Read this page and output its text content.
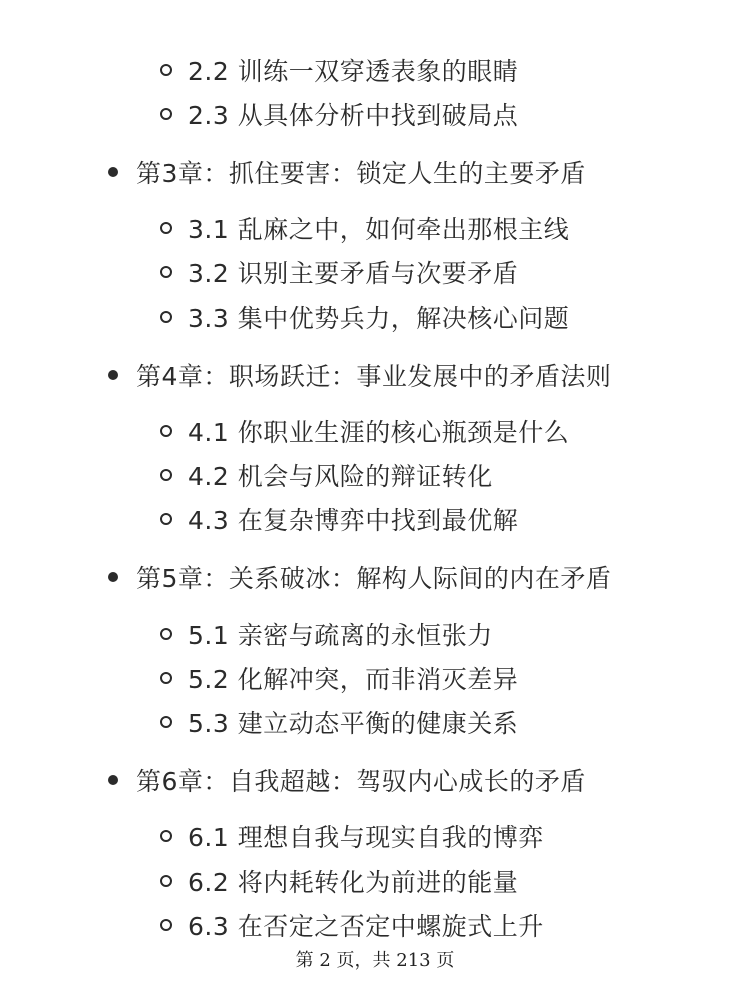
2.2 训练一双穿透表象的眼睛
2.3 从具体分析中找到破局点
第3章：抓住要害：锁定人生的主要矛盾
3.1 乱麻之中，如何牵出那根主线
3.2 识别主要矛盾与次要矛盾
3.3 集中优势兵力，解决核心问题
第4章：职场跃迁：事业发展中的矛盾法则
4.1 你职业生涯的核心瓶颈是什么
4.2 机会与风险的辩证转化
4.3 在复杂博弈中找到最优解
第5章：关系破冰：解构人际间的内在矛盾
5.1 亲密与疏离的永恒张力
5.2 化解冲突，而非消灭差异
5.3 建立动态平衡的健康关系
第6章：自我超越：驾驭内心成长的矛盾
6.1 理想自我与现实自我的博弈
6.2 将内耗转化为前进的能量
6.3 在否定之否定中螺旋式上升
第 2 页，共 213 页
